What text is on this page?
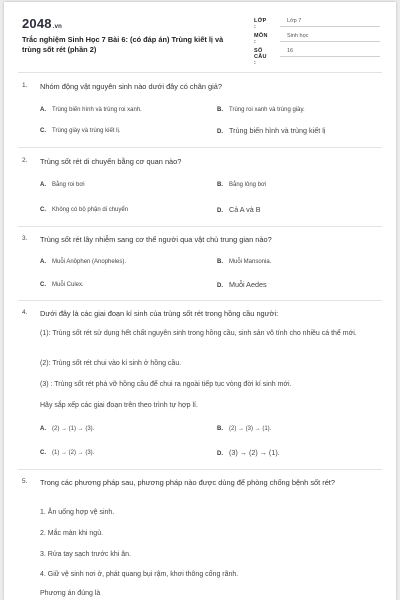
2048.vn
Trắc nghiệm Sinh Học 7 Bài 6: (có đáp án) Trùng kiết lị và trùng sốt rét (phần 2)
LỚP :
Lớp 7
MÔN :
Sinh học
SỐ CÂU :
16
1. Nhóm động vật nguyên sinh nào dưới đây có chân giả?
A. Trùng biến hình và trùng roi xanh.	B. Trùng roi xanh và trùng giày.
C. Trùng giày và trùng kiết lị.	D. Trùng biến hình và trùng kiết lị
2. Trùng sốt rét di chuyển bằng cơ quan nào?
A. Bằng roi bơi	B. Bằng lông bơi
C. Không có bộ phận di chuyển	D. Cả A và B
3. Trùng sốt rét lây nhiễm sang cơ thể người qua vật chủ trung gian nào?
A. Muỗi Anôphen (Anopheles).	B. Muỗi Mansonia.
C. Muỗi Culex.	D. Muỗi Aedes
4. Dưới đây là các giai đoạn kí sinh của trùng sốt rét trong hồng cầu người:
(1): Trùng sốt rét sử dụng hết chất nguyên sinh trong hồng cầu, sinh sản vô tính cho nhiều cá thể mới.
(2): Trùng sốt rét chui vào kí sinh ở hồng cầu.
(3) : Trùng sốt rét phá vỡ hồng cầu để chui ra ngoài tiếp tục vòng đời kí sinh mới.
Hãy sắp xếp các giai đoạn trên theo trình tự hợp lí.
A. (2) → (1) → (3).	B. (2) → (3) → (1).
C. (1) → (2) → (3).	D. (3) → (2) → (1).
5. Trong các phương pháp sau, phương pháp nào được dùng để phòng chống bệnh sốt rét?
1. Ăn uống hợp vệ sinh.
2. Mắc màn khi ngủ.
3. Rửa tay sạch trước khi ăn.
4. Giữ vệ sinh nơi ở, phát quang bụi rậm, khơi thông cống rãnh.
Phương án đúng là
